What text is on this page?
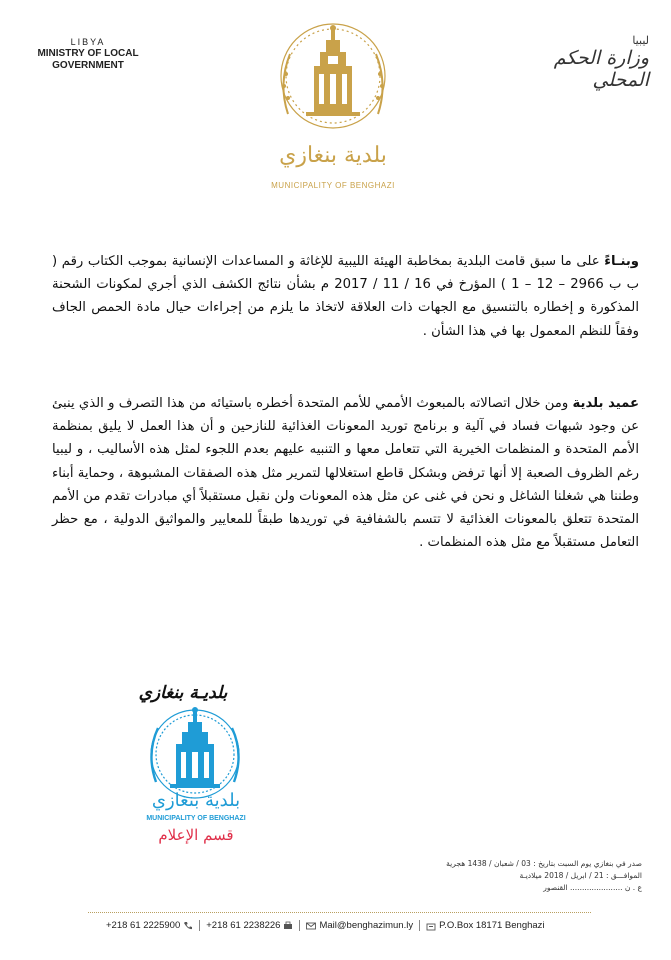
LIBYA
MINISTRY OF LOCAL
GOVERNMENT
ليبيا
وزارة الحكم المحلي
بلدية بنغازي
MUNICIPALITY OF BENGHAZI
وبنـاءً على ما سبق قامت البلدية بمخاطبة الهيئة الليبية للإغاثة و المساعدات الإنسانية بموجب الكتاب رقم ( ب ب 2966 – 12 – 1 ) المؤرخ في 16 / 11 / 2017 م بشأن نتائج الكشف الذي أجري لمكونات الشحنة المذكورة و إخطاره بالتنسيق مع الجهات ذات العلاقة لاتخاذ ما يلزم من إجراءات حيال مادة الحمص الجاف وفقاً للنظم المعمول بها في هذا الشأن .
عميد بلدية ومن خلال اتصالاته بالمبعوث الأممي للأمم المتحدة أخطره باستيائه من هذا التصرف و الذي ينبئ عن وجود شبهات فساد في آلية و برنامج توريد المعونات الغذائية للنازحين و أن هذا العمل لا يليق بمنظمة الأمم المتحدة و المنظمات الخيرية التي تتعامل معها و التنبيه عليهم بعدم اللجوء لمثل هذه الأساليب ، و ليبيا رغم الظروف الصعبة إلا أنها ترفض وبشكل قاطع استغلالها لتمرير مثل هذه الصفقات المشبوهة ، وحماية أبناء وطننا هي شغلنا الشاغل و نحن في غنى عن مثل هذه المعونات ولن نقبل مستقبلاً أي مبادرات تقدم من الأمم المتحدة تتعلق بالمعونات الغذائية لا تتسم بالشفافية في توريدها طبقاً للمعايير والمواثيق الدولية ، مع حظر التعامل مستقبلاً مع مثل هذه المنظمات .
بلديـة بنغازي
بلدية بنغازي
MUNICIPALITY OF BENGHAZI
قسم الإعلام
صدر في بنغازي يوم السبت بتاريخ : 03 / شعبان / 1438 هجرية
الموافـــق : 21 / ابريل / 2018 ميلاديـة
ع . ن ...................... القنصور
+218 61 2225900	+218 61 2238226	Mail@benghazimun.ly	P.O.Box 18171 Benghazi
